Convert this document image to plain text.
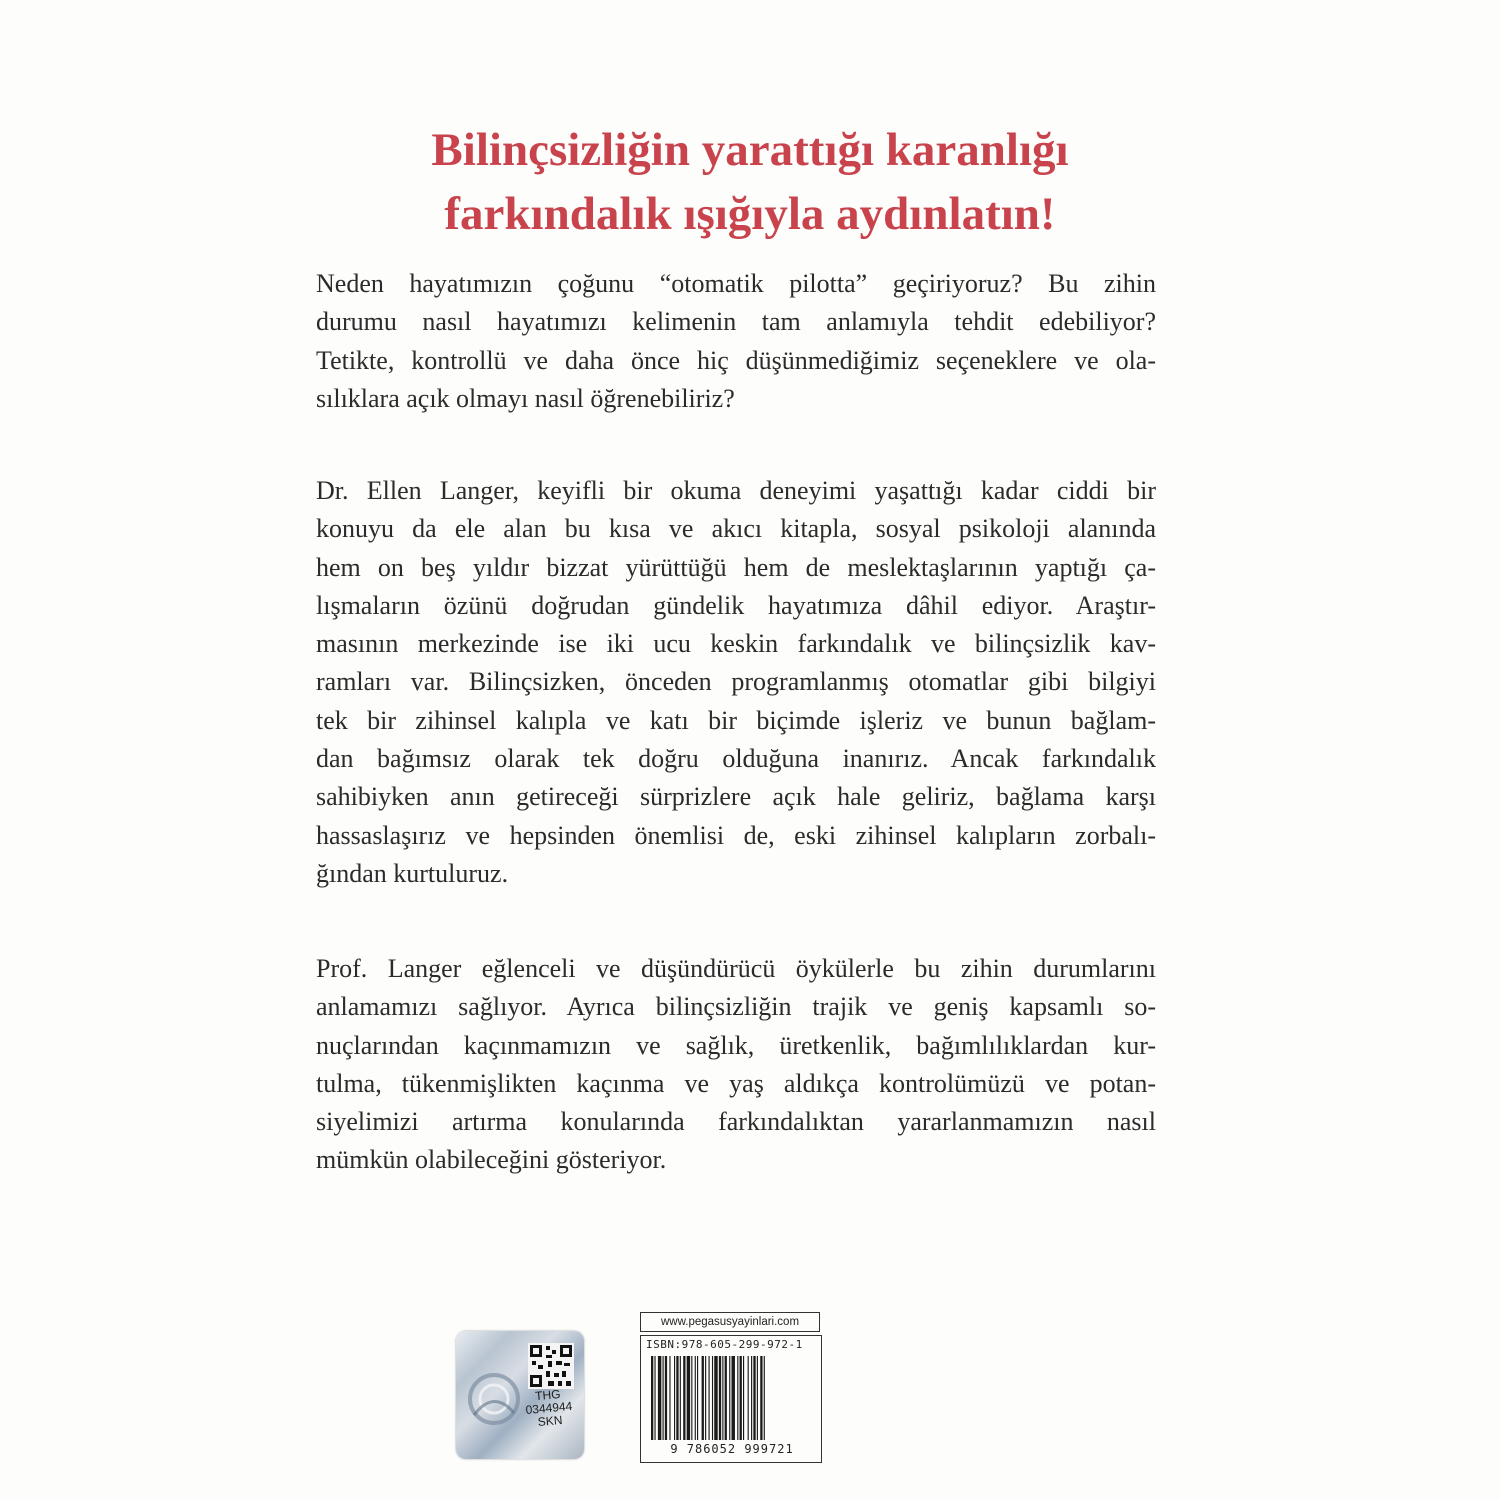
Bilinçsizliğin yarattığı karanlığı
farkındalık ışığıyla aydınlatın!

Neden hayatımızın çoğunu “otomatik pilotta” geçiriyoruz? Bu zihin
durumu nasıl hayatımızı kelimenin tam anlamıyla tehdit edebiliyor?
Tetikte, kontrollü ve daha önce hiç düşünmediğimiz seçeneklere ve ola-
sılıklara açık olmayı nasıl öğrenebiliriz?

Dr. Ellen Langer, keyifli bir okuma deneyimi yaşattığı kadar ciddi bir
konuyu da ele alan bu kısa ve akıcı kitapla, sosyal psikoloji alanında
hem on beş yıldır bizzat yürüttüğü hem de meslektaşlarının yaptığı ça-
lışmaların özünü doğrudan gündelik hayatımıza dâhil ediyor. Araştır-
masının merkezinde ise iki ucu keskin farkındalık ve bilinçsizlik kav-
ramları var. Bilinçsizken, önceden programlanmış otomatlar gibi bilgiyi
tek bir zihinsel kalıpla ve katı bir biçimde işleriz ve bunun bağlam-
dan bağımsız olarak tek doğru olduğuna inanırız. Ancak farkındalık
sahibiyken anın getireceği sürprizlere açık hale geliriz, bağlama karşı
hassaslaşırız ve hepsinden önemlisi de, eski zihinsel kalıpların zorbalı-
ğından kurtuluruz.

Prof. Langer eğlenceli ve düşündürücü öykülerle bu zihin durumlarını
anlamamızı sağlıyor. Ayrıca bilinçsizliğin trajik ve geniş kapsamlı so-
nuçlarından kaçınmamızın ve sağlık, üretkenlik, bağımlılıklardan kur-
tulma, tükenmişlikten kaçınma ve yaş aldıkça kontrolümüzü ve potan-
siyelimizi artırma konularında farkındalıktan yararlanmamızın nasıl
mümkün olabileceğini gösteriyor.

THG
0344944
SKN
www.pegasusyayinlari.com
ISBN:978-605-299-972-1
9 786052 999721
